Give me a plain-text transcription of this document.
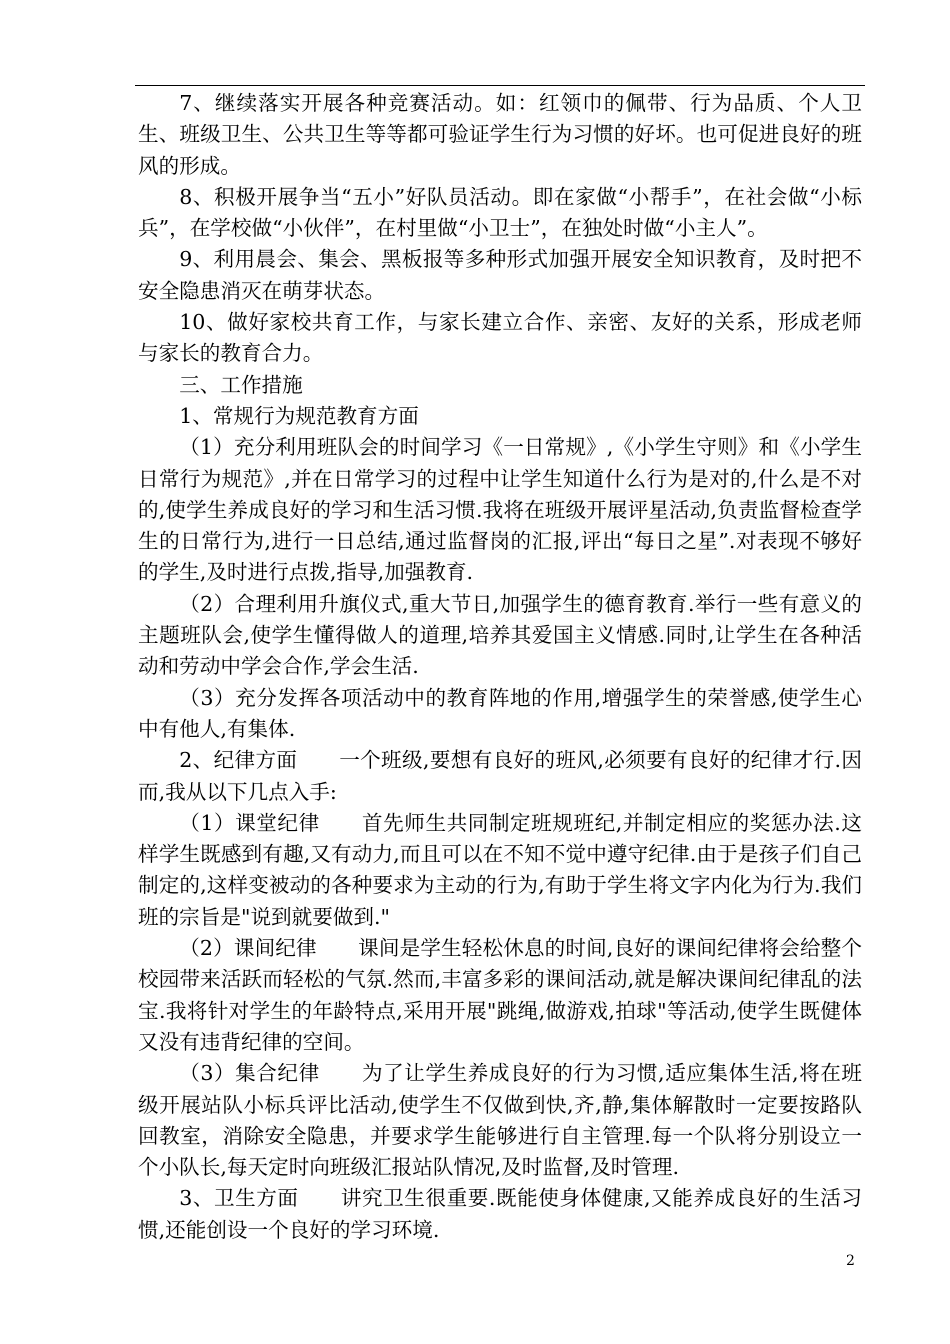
7、继续落实开展各种竞赛活动。如：红领巾的佩带、行为品质、个人卫生、班级卫生、公共卫生等等都可验证学生行为习惯的好坏。也可促进良好的班风的形成。

8、积极开展争当“五小”好队员活动。即在家做“小帮手”，在社会做“小标兵”，在学校做“小伙伴”，在村里做“小卫士”，在独处时做“小主人”。

9、利用晨会、集会、黑板报等多种形式加强开展安全知识教育，及时把不安全隐患消灭在萌芽状态。

10、做好家校共育工作，与家长建立合作、亲密、友好的关系，形成老师与家长的教育合力。

三、工作措施

1、常规行为规范教育方面

（1）充分利用班队会的时间学习《一日常规》,《小学生守则》和《小学生日常行为规范》,并在日常学习的过程中让学生知道什么行为是对的,什么是不对的,使学生养成良好的学习和生活习惯.我将在班级开展评星活动,负责监督检查学生的日常行为,进行一日总结,通过监督岗的汇报,评出“每日之星”.对表现不够好的学生,及时进行点拨,指导,加强教育.

（2）合理利用升旗仪式,重大节日,加强学生的德育教育.举行一些有意义的主题班队会,使学生懂得做人的道理,培养其爱国主义情感.同时,让学生在各种活动和劳动中学会合作,学会生活.

（3）充分发挥各项活动中的教育阵地的作用,增强学生的荣誉感,使学生心中有他人,有集体.

2、纪律方面　　一个班级,要想有良好的班风,必须要有良好的纪律才行.因而,我从以下几点入手:

（1）课堂纪律　　首先师生共同制定班规班纪,并制定相应的奖惩办法.这样学生既感到有趣,又有动力,而且可以在不知不觉中遵守纪律.由于是孩子们自己制定的,这样变被动的各种要求为主动的行为,有助于学生将文字内化为行为.我们班的宗旨是"说到就要做到."

（2）课间纪律　　课间是学生轻松休息的时间,良好的课间纪律将会给整个校园带来活跃而轻松的气氛.然而,丰富多彩的课间活动,就是解决课间纪律乱的法宝.我将针对学生的年龄特点,采用开展"跳绳,做游戏,拍球"等活动,使学生既健体又没有违背纪律的空间。

（3）集合纪律　　为了让学生养成良好的行为习惯,适应集体生活,将在班级开展站队小标兵评比活动,使学生不仅做到快,齐,静,集体解散时一定要按路队回教室，消除安全隐患，并要求学生能够进行自主管理.每一个队将分别设立一个小队长,每天定时向班级汇报站队情况,及时监督,及时管理.

3、卫生方面　　讲究卫生很重要.既能使身体健康,又能养成良好的生活习惯,还能创设一个良好的学习环境.

2
